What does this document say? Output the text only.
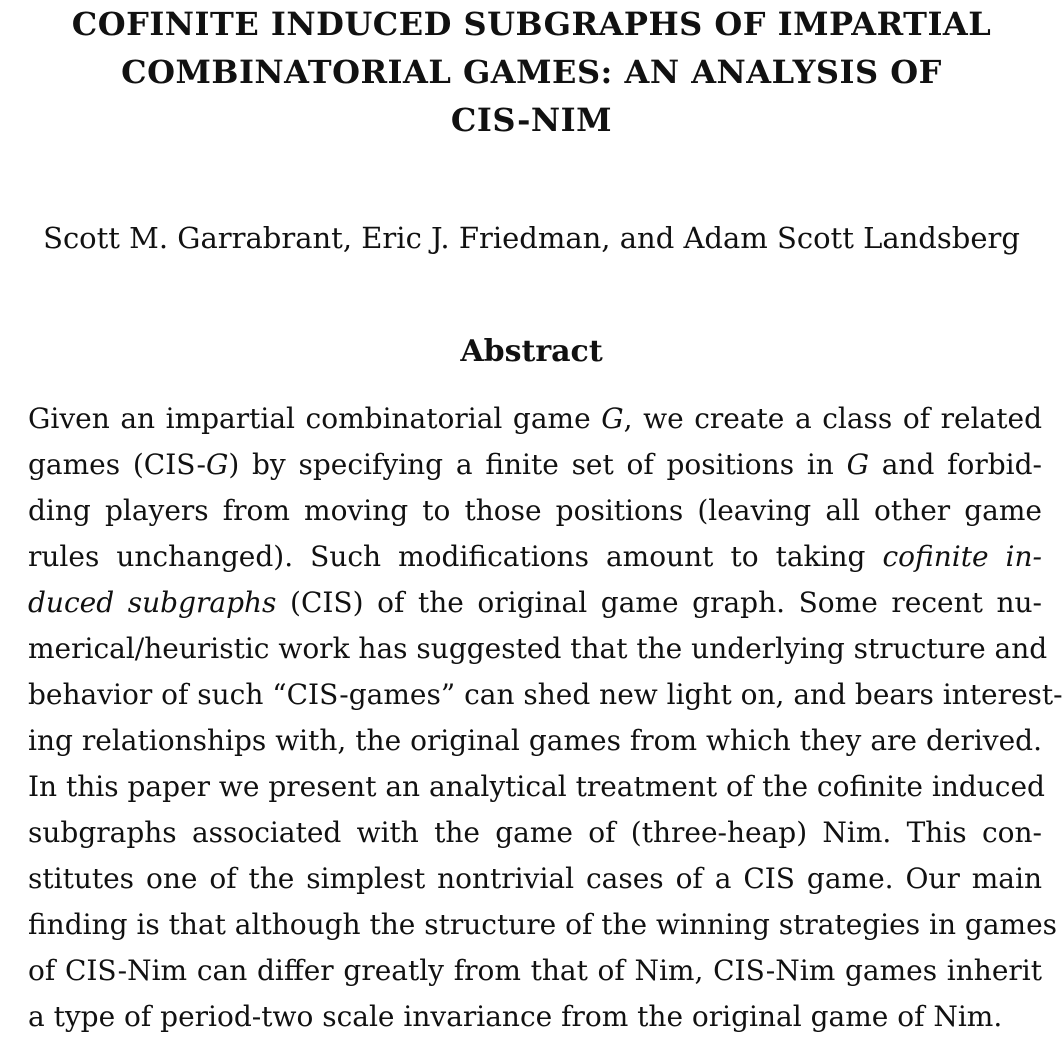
COFINITE INDUCED SUBGRAPHS OF IMPARTIAL
COMBINATORIAL GAMES: AN ANALYSIS OF
CIS-NIM
Scott M. Garrabrant, Eric J. Friedman, and Adam Scott Landsberg
Abstract
Given an impartial combinatorial game G, we create a class of related
games (CIS-G) by specifying a finite set of positions in G and forbid-
ding players from moving to those positions (leaving all other game
rules unchanged). Such modifications amount to taking cofinite in-
duced subgraphs (CIS) of the original game graph. Some recent nu-
merical/heuristic work has suggested that the underlying structure and
behavior of such “CIS-games” can shed new light on, and bears interest-
ing relationships with, the original games from which they are derived.
In this paper we present an analytical treatment of the cofinite induced
subgraphs associated with the game of (three-heap) Nim. This con-
stitutes one of the simplest nontrivial cases of a CIS game. Our main
finding is that although the structure of the winning strategies in games
of CIS-Nim can differ greatly from that of Nim, CIS-Nim games inherit
a type of period-two scale invariance from the original game of Nim.
